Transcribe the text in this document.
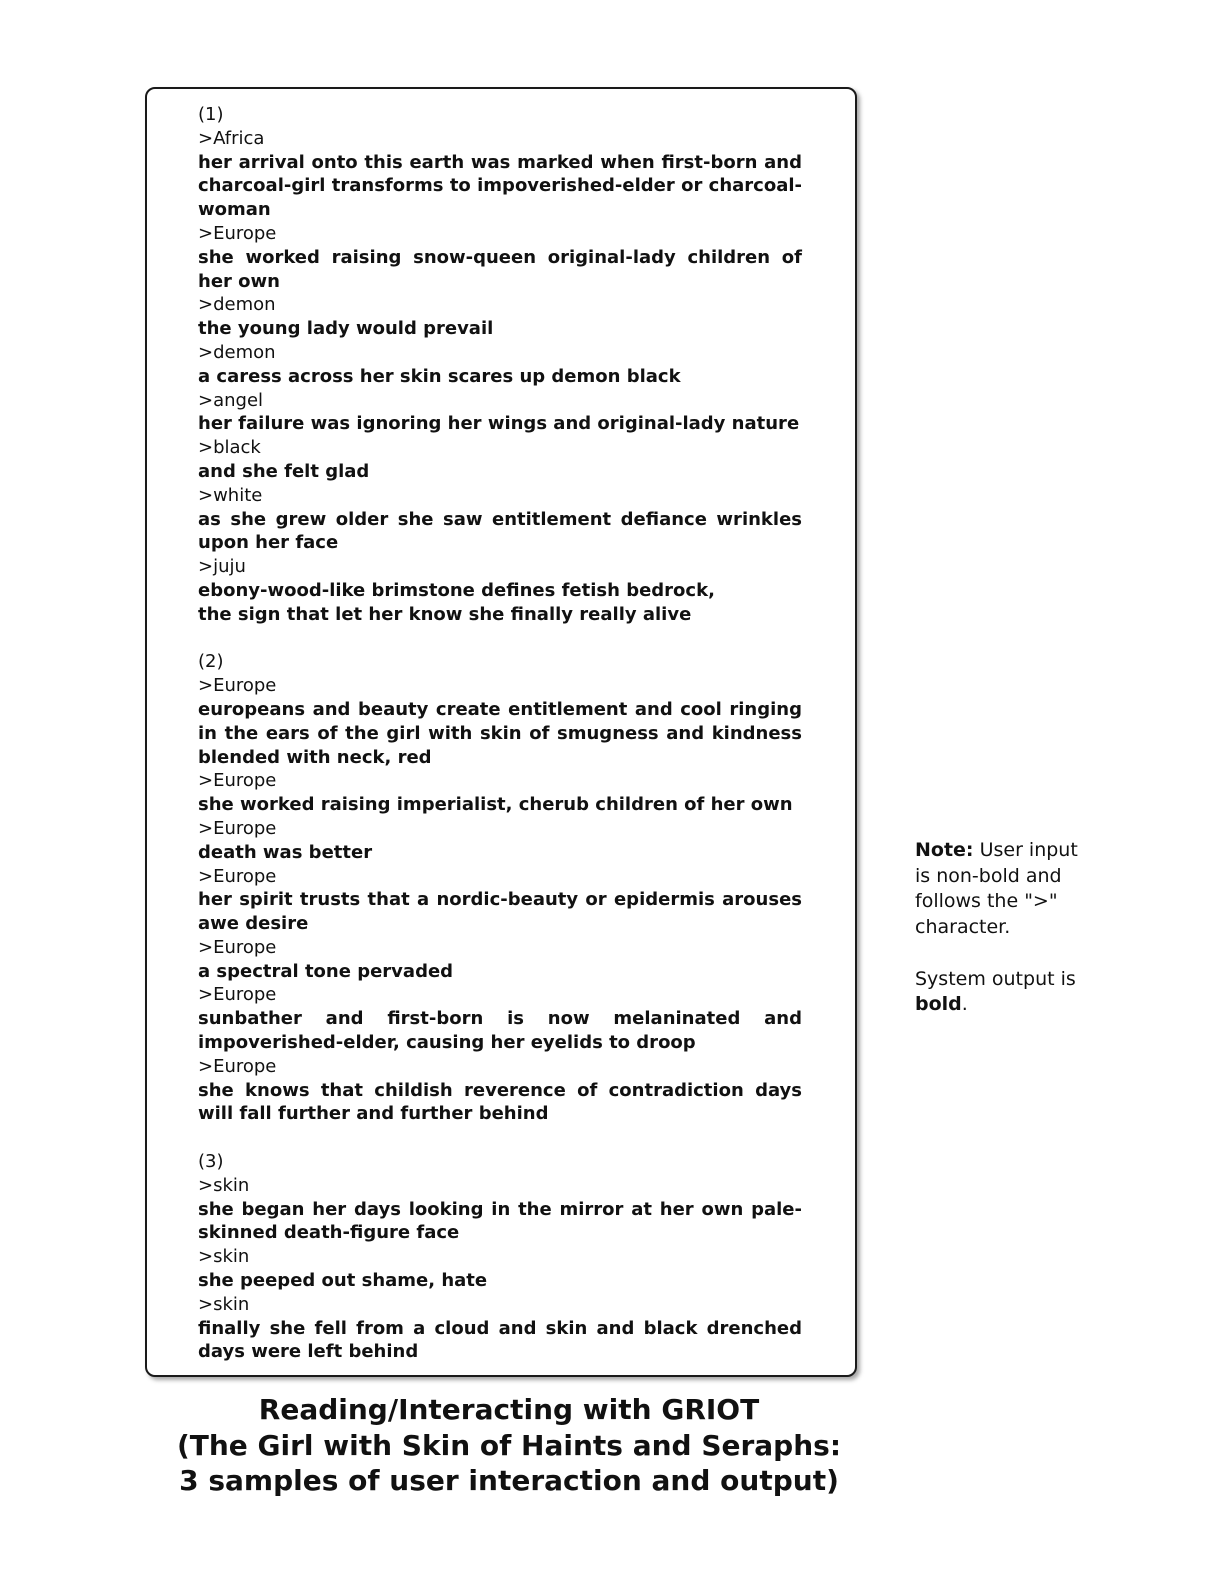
(1)
>Africa
her arrival onto this earth was marked when first-born and charcoal-girl transforms to impoverished-elder or charcoal-woman
>Europe
she worked raising snow-queen original-lady children of her own
>demon
the young lady would prevail
>demon
a caress across her skin scares up demon black
>angel
her failure was ignoring her wings and original-lady nature
>black
and she felt glad
>white
as she grew older she saw entitlement defiance wrinkles upon her face
>juju
ebony-wood-like brimstone defines fetish bedrock,
the sign that let her know she finally really alive
(2)
>Europe
europeans and beauty create entitlement and cool ringing in the ears of the girl with skin of smugness and kindness blended with neck, red
>Europe
she worked raising imperialist, cherub children of her own
>Europe
death was better
>Europe
her spirit trusts that a nordic-beauty or epidermis arouses awe desire
>Europe
a spectral tone pervaded
>Europe
sunbather and first-born is now melaninated and impoverished-elder, causing her eyelids to droop
>Europe
she knows that childish reverence of contradiction days will fall further and further behind
(3)
>skin
she began her days looking in the mirror at her own pale-skinned death-figure face
>skin
she peeped out shame, hate
>skin
finally she fell from a cloud and skin and black drenched days were left behind

Note: User input is non-bold and follows the ">" character.

System output is bold.

Reading/Interacting with GRIOT
(The Girl with Skin of Haints and Seraphs:
3 samples of user interaction and output)
